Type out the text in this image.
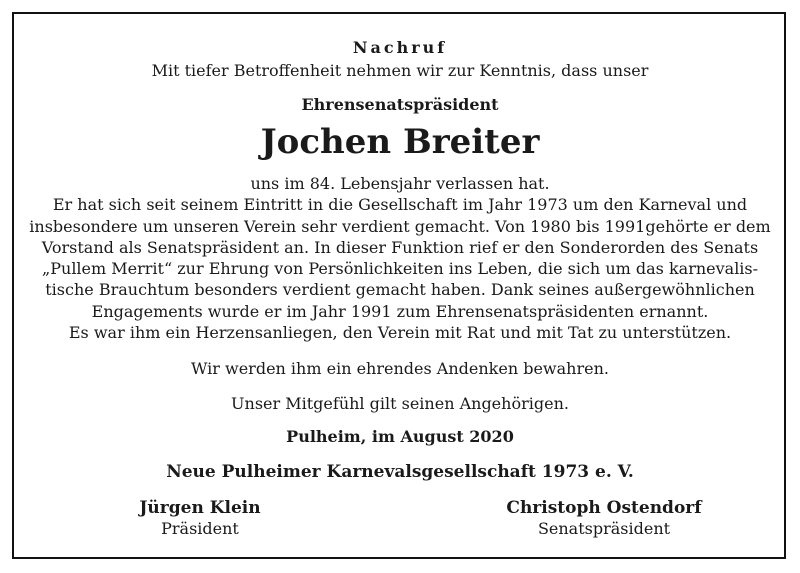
Nachruf
Mit tiefer Betroffenheit nehmen wir zur Kenntnis, dass unser
Ehrensenatspräsident
Jochen Breiter
uns im 84. Lebensjahr verlassen hat.
Er hat sich seit seinem Eintritt in die Gesellschaft im Jahr 1973 um den Karneval und
insbesondere um unseren Verein sehr verdient gemacht. Von 1980 bis 1991gehörte er dem
Vorstand als Senatspräsident an. In dieser Funktion rief er den Sonderorden des Senats
„Pullem Merrit“ zur Ehrung von Persönlichkeiten ins Leben, die sich um das karnevalis-
tische Brauchtum besonders verdient gemacht haben. Dank seines außergewöhnlichen
Engagements wurde er im Jahr 1991 zum Ehrensenatspräsidenten ernannt.
Es war ihm ein Herzensanliegen, den Verein mit Rat und mit Tat zu unterstützen.
Wir werden ihm ein ehrendes Andenken bewahren.
Unser Mitgefühl gilt seinen Angehörigen.
Pulheim, im August 2020
Neue Pulheimer Karnevalsgesellschaft 1973 e. V.
Jürgen Klein
Präsident
Christoph Ostendorf
Senatspräsident
